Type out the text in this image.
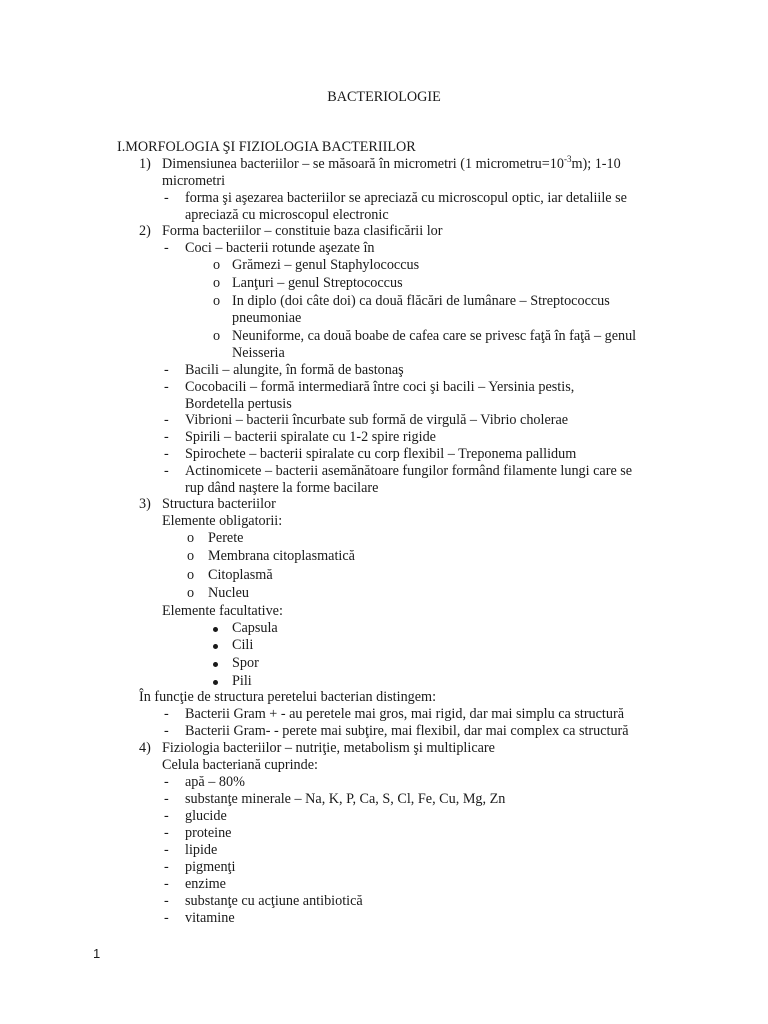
BACTERIOLOGIE
I.MORFOLOGIA ŞI FIZIOLOGIA BACTERIILOR
1) Dimensiunea bacteriilor – se măsoară în micrometri (1 $micrometru=10^{-3}m$); 1-10
micrometri
- forma şi aşezarea bacteriilor se apreciază cu microscopul optic, iar detaliile se
apreciază cu microscopul electronic
2) Forma bacteriilor – constituie baza clasificării lor
- Coci – bacterii rotunde aşezate în
o Grămezi – genul Staphylococcus
o Lanţuri – genul Streptococcus
o In diplo (doi câte doi) ca două flăcări de lumânare – Streptococcus
pneumoniae
o Neuniforme, ca două boabe de cafea care se privesc faţă în faţă – genul
Neisseria
- Bacili – alungite, în formă de bastonaş
- Cocobacili – formă intermediară între coci şi bacili – Yersinia pestis,
Bordetella pertusis
- Vibrioni – bacterii încurbate sub formă de virgulă – Vibrio cholerae
- Spirili – bacterii spiralate cu 1-2 spire rigide
- Spirochete – bacterii spiralate cu corp flexibil – Treponema pallidum
- Actinomicete – bacterii asemănătoare fungilor formând filamente lungi care se
rup dând naştere la forme bacilare
3) Structura bacteriilor
Elemente obligatorii:
o Perete
o Membrana citoplasmatică
o Citoplasmă
o Nucleu
Elemente facultative:
Capsula
Cili
Spor
Pili
În funcţie de structura peretelui bacterian distingem:
- Bacterii Gram + - au peretele mai gros, mai rigid, dar mai simplu ca structură
- Bacterii Gram- - perete mai subţire, mai flexibil, dar mai complex ca structură
4) Fiziologia bacteriilor – nutriţie, metabolism şi multiplicare
Celula bacteriană cuprinde:
- apă – 80%
- substanţe minerale – Na, K, P, Ca, S, Cl, Fe, Cu, Mg, Zn
- glucide
- proteine
- lipide
- pigmenţi
- enzime
- substanţe cu acţiune antibiotică
- vitamine
1
